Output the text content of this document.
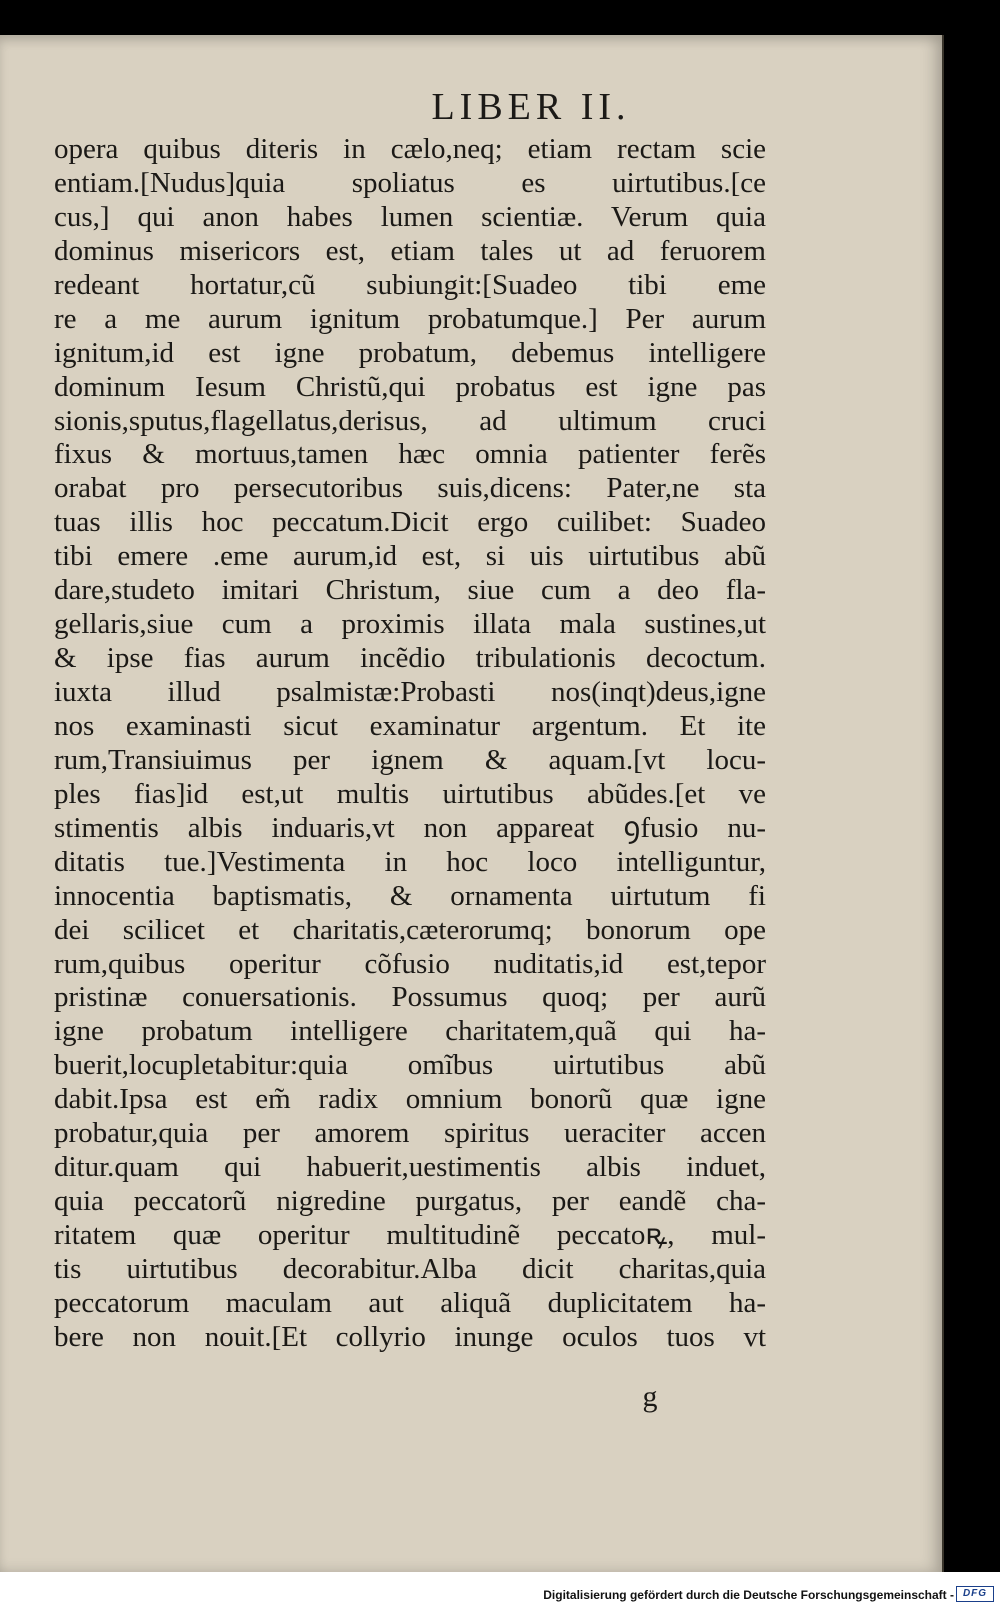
LIBER II.
opera quibus diteris in cælo,neq; etiam rectam scie
entiam.[Nudus]quia spoliatus es uirtutibus.[ce
cus,] qui anon habes lumen scientiæ. Verum quia
dominus misericors est, etiam tales ut ad feruorem
redeant hortatur,cũ subiungit:[Suadeo tibi eme
re a me aurum ignitum probatumque.] Per aurum
ignitum,id est igne probatum, debemus intelligere
dominum Iesum Christũ,qui probatus est igne pas
sionis,sputus,flagellatus,derisus, ad ultimum cruci
fixus & mortuus,tamen hæc omnia patienter ferẽs
orabat pro persecutoribus suis,dicens: Pater,ne sta
tuas illis hoc peccatum.Dicit ergo cuilibet: Suadeo
tibi emere .eme aurum,id est, si uis uirtutibus abũ
dare,studeto imitari Christum, siue cum a deo fla-
gellaris,siue cum a proximis illata mala sustines,ut
& ipse fias aurum incẽdio tribulationis decoctum.
iuxta illud psalmistæ:Probasti nos(inqt)deus,igne
nos examinasti sicut examinatur argentum. Et ite
rum,Transiuimus per ignem & aquam.[vt locu-
ples fias]id est,ut multis uirtutibus abũdes.[et ve
stimentis albis induaris,vt non appareat ꝯfusio nu-
ditatis tue.]Vestimenta in hoc loco intelliguntur,
innocentia baptismatis, & ornamenta uirtutum fi
dei scilicet et charitatis,cæterorumq; bonorum ope
rum,quibus operitur cõfusio nuditatis,id est,tepor
pristinæ conuersationis. Possumus quoq; per aurũ
igne probatum intelligere charitatem,quã qui ha-
buerit,locupletabitur:quia omĩbus uirtutibus abũ
dabit.Ipsa est em̃ radix omnium bonorũ quæ igne
probatur,quia per amorem spiritus ueraciter accen
ditur.quam qui habuerit,uestimentis albis induet,
quia peccatorũ nigredine purgatus, per eandẽ cha-
ritatem quæ operitur multitudinẽ peccatoꝶ, mul-
tis uirtutibus decorabitur.Alba dicit charitas,quia
peccatorum maculam aut aliquã duplicitatem ha-
bere non nouit.[Et collyrio inunge oculos tuos vt
g
Digitalisierung gefördert durch die Deutsche Forschungsgemeinschaft - DFG
